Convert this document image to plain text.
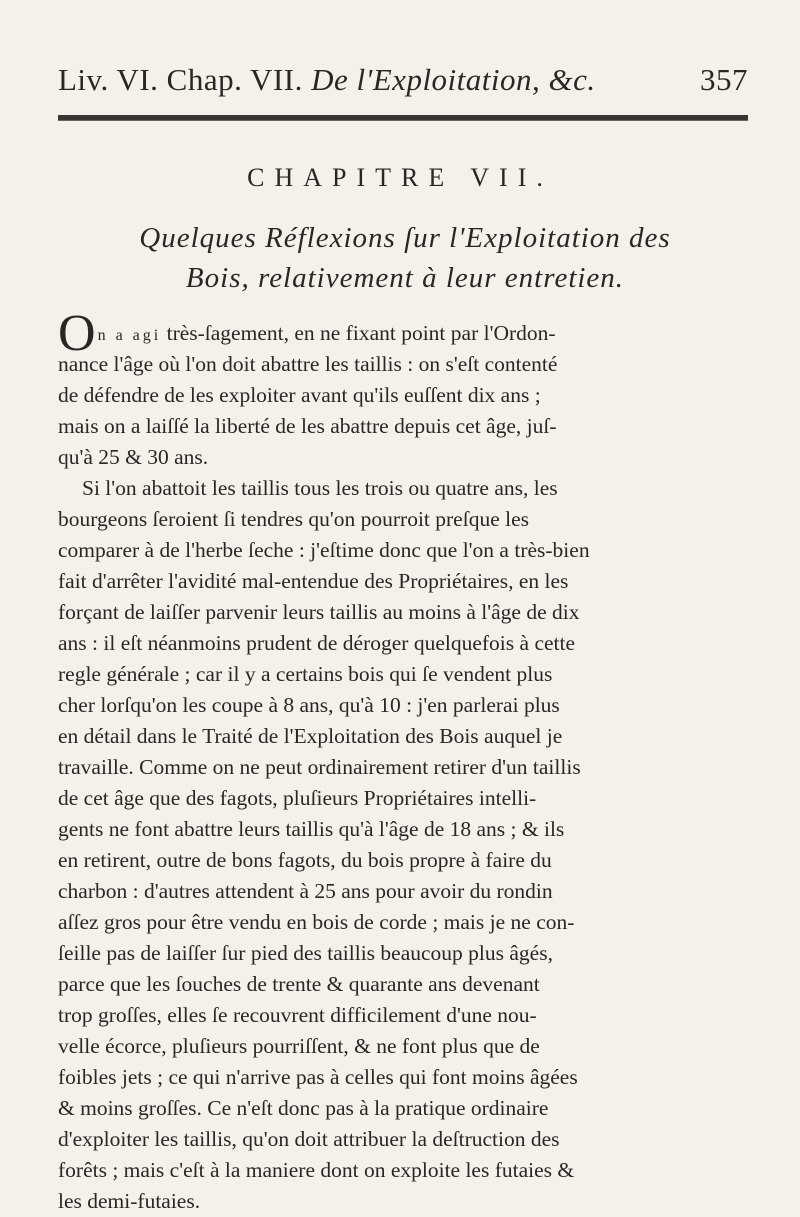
Liv. VI. Chap. VII. De l'Exploitation, &c.	357
CHAPITRE VII.
Quelques Réflexions ſur l'Exploitation des
Bois, relativement à leur entretien.
On a agi très-ſagement, en ne fixant point par l'Ordon-
nance l'âge où l'on doit abattre les taillis : on s'eſt contenté
de défendre de les exploiter avant qu'ils euſſent dix ans ;
mais on a laiſſé la liberté de les abattre depuis cet âge, juſ-
qu'à 25 & 30 ans.
Si l'on abattoit les taillis tous les trois ou quatre ans, les
bourgeons ſeroient ſi tendres qu'on pourroit preſque les
comparer à de l'herbe ſeche : j'eſtime donc que l'on a très-bien
fait d'arrêter l'avidité mal-entendue des Propriétaires, en les
forçant de laiſſer parvenir leurs taillis au moins à l'âge de dix
ans : il eſt néanmoins prudent de déroger quelquefois à cette
regle générale ; car il y a certains bois qui ſe vendent plus
cher lorſqu'on les coupe à 8 ans, qu'à 10 : j'en parlerai plus
en détail dans le Traité de l'Exploitation des Bois auquel je
travaille. Comme on ne peut ordinairement retirer d'un taillis
de cet âge que des fagots, pluſieurs Propriétaires intelli-
gents ne font abattre leurs taillis qu'à l'âge de 18 ans ; & ils
en retirent, outre de bons fagots, du bois propre à faire du
charbon : d'autres attendent à 25 ans pour avoir du rondin
aſſez gros pour être vendu en bois de corde ; mais je ne con-
ſeille pas de laiſſer ſur pied des taillis beaucoup plus âgés,
parce que les ſouches de trente & quarante ans devenant
trop groſſes, elles ſe recouvrent difficilement d'une nou-
velle écorce, pluſieurs pourriſſent, & ne font plus que de
foibles jets ; ce qui n'arrive pas à celles qui font moins âgées
& moins groſſes. Ce n'eſt donc pas à la pratique ordinaire
d'exploiter les taillis, qu'on doit attribuer la deſtruction des
forêts ; mais c'eſt à la maniere dont on exploite les futaies &
les demi-futaies.
